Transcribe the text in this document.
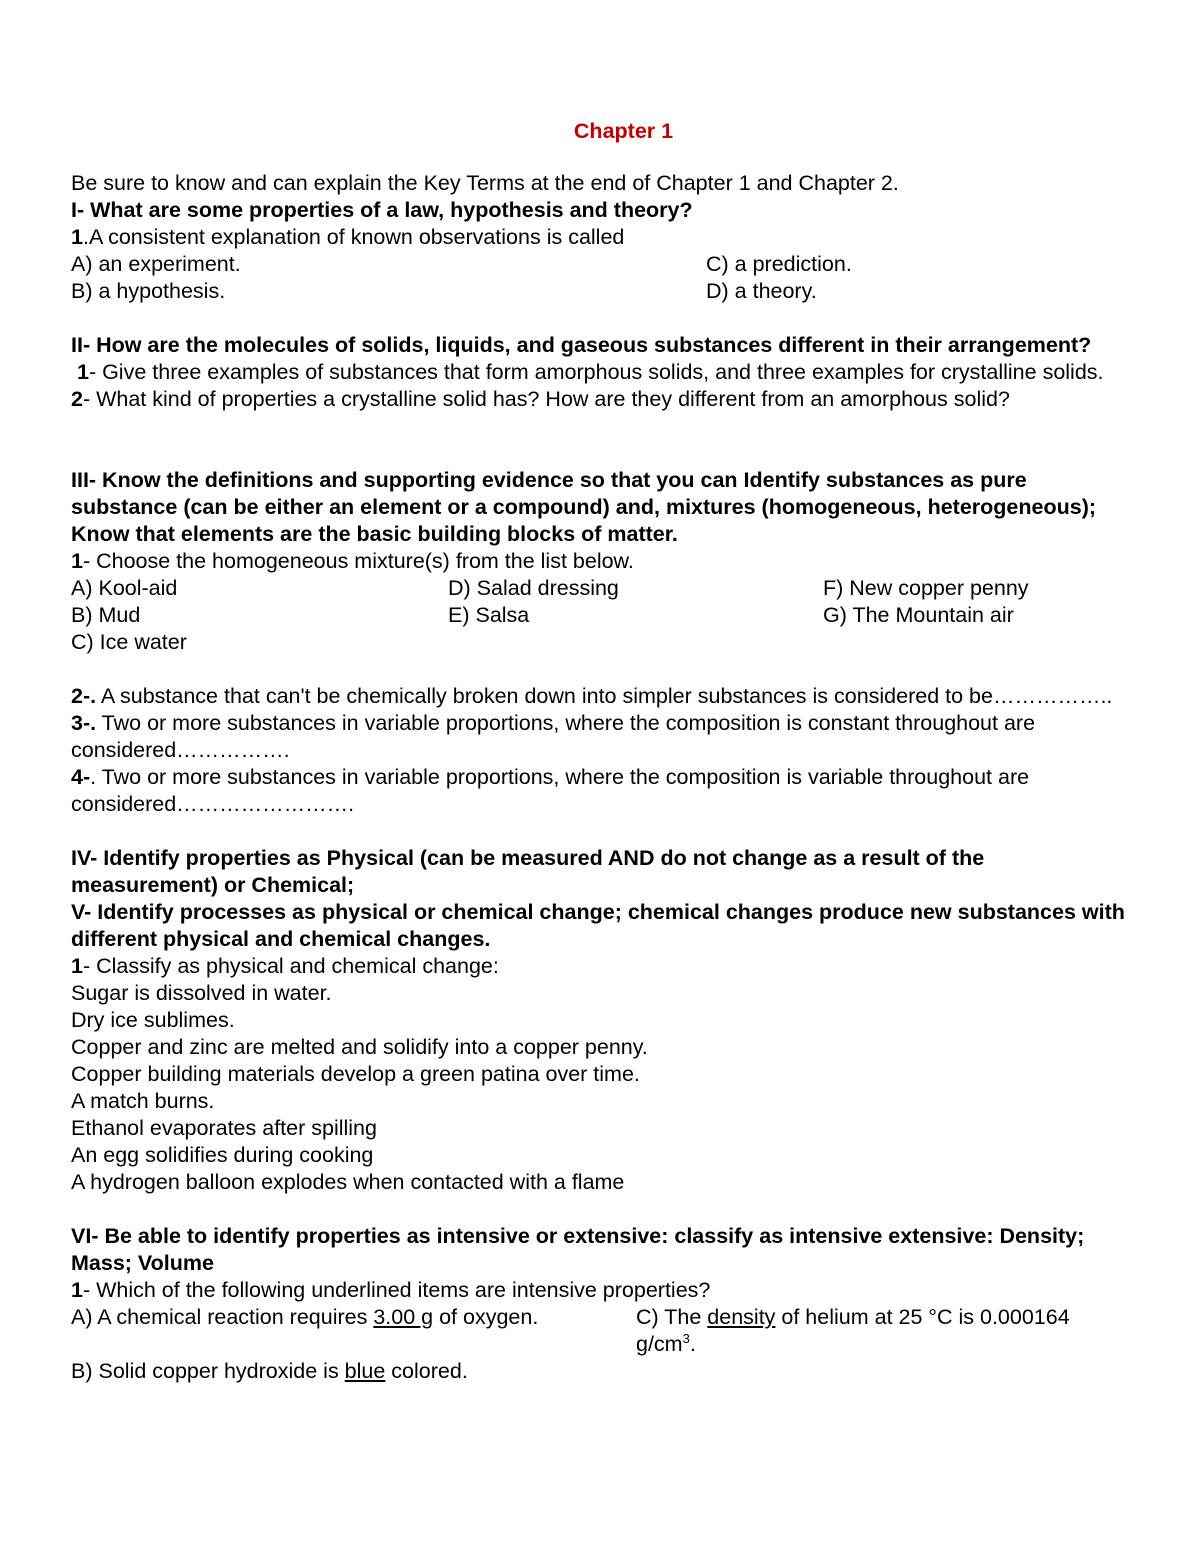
Chapter 1
Be sure to know and can explain the Key Terms at the end of Chapter 1 and Chapter 2.
I- What are some properties of a law, hypothesis and theory?
1.A consistent explanation of known observations is called
A) an experiment.	C) a prediction.
B) a hypothesis.	D) a theory.
II- How are the molecules of solids, liquids, and gaseous substances different in their arrangement?
1- Give three examples of substances that form amorphous solids, and three examples for crystalline solids.
2- What kind of properties a crystalline solid has? How are they different from an amorphous solid?
III- Know the definitions and supporting evidence so that you can Identify substances as pure substance (can be either an element or a compound) and, mixtures (homogeneous, heterogeneous); Know that elements are the basic building blocks of matter.
1- Choose the homogeneous mixture(s) from the list below.
A) Kool-aid	D) Salad dressing	F) New copper penny
B) Mud	E) Salsa	G) The Mountain air
C) Ice water
2-. A substance that can't be chemically broken down into simpler substances is considered to be……………..
3-. Two or more substances in variable proportions, where the composition is constant throughout are considered…………….
4-. Two or more substances in variable proportions, where the composition is variable throughout are considered…………………….
IV- Identify properties as Physical (can be measured AND do not change as a result of the measurement) or Chemical;
V- Identify processes as physical or chemical change; chemical changes produce new substances with different physical and chemical changes.
1- Classify as physical and chemical change:
Sugar is dissolved in water.
Dry ice sublimes.
Copper and zinc are melted and solidify into a copper penny.
Copper building materials develop a green patina over time.
A match burns.
Ethanol evaporates after spilling
An egg solidifies during cooking
A hydrogen balloon explodes when contacted with a flame
VI- Be able to identify properties as intensive or extensive: classify as intensive extensive: Density; Mass; Volume
1- Which of the following underlined items are intensive properties?
A) A chemical reaction requires 3.00 g of oxygen.	C) The density of helium at 25 °C is 0.000164 $g/cm^3$.
B) Solid copper hydroxide is blue colored.
